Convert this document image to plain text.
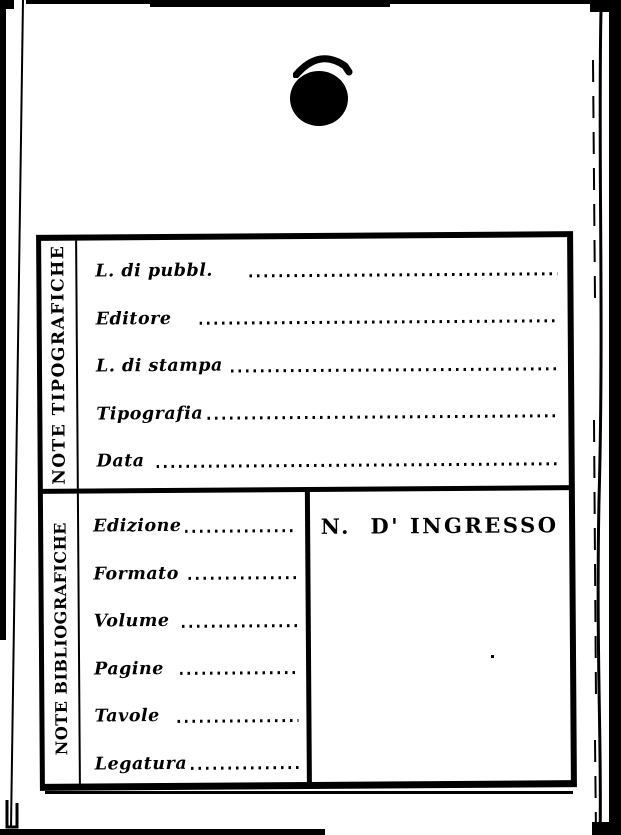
NOTE TIPOGRAFICHE L. di pubbl.
Editore
L. di stampa
Tipografia
Data
NOTE BIBLIOGRAFICHE Edizione
Formato
Volume
Pagine
Tavole
Legatura
N.  D' INGRESSO
